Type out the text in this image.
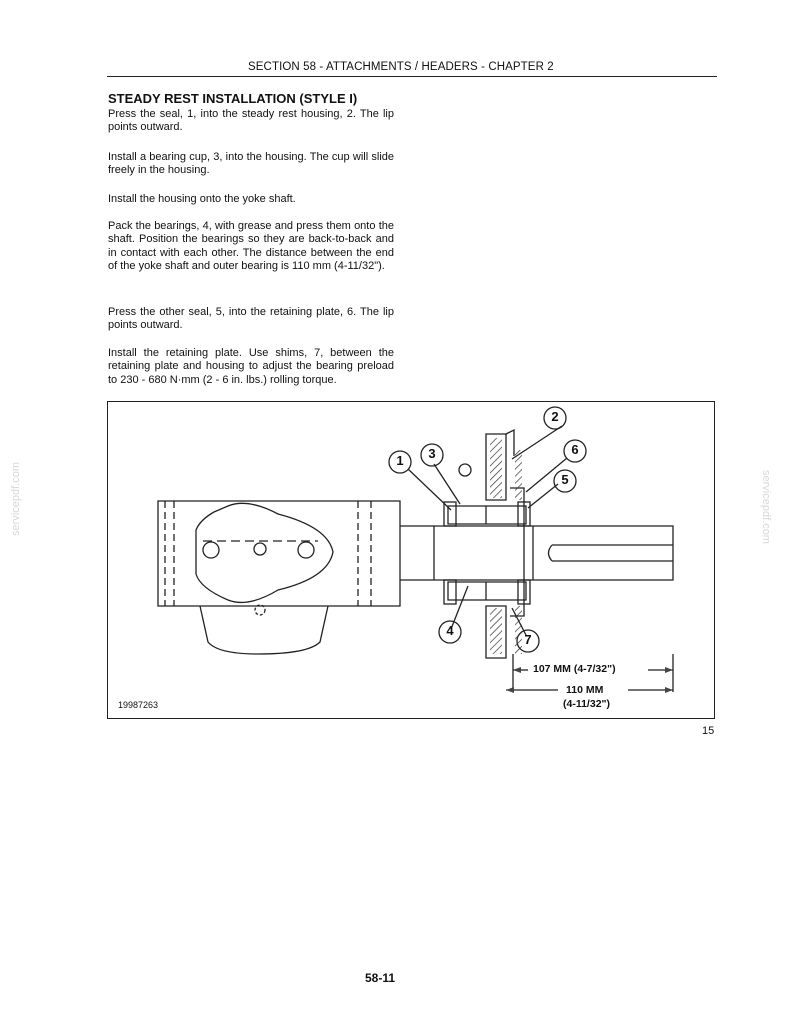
SECTION 58 - ATTACHMENTS / HEADERS - CHAPTER 2
STEADY REST INSTALLATION (STYLE I)

Press the seal, 1, into the steady rest housing, 2. The lip points outward.

Install a bearing cup, 3, into the housing. The cup will slide freely in the housing.

Install the housing onto the yoke shaft.

Pack the bearings, 4, with grease and press them onto the shaft. Position the bearings so they are back-to-back and in contact with each other. The distance between the end of the yoke shaft and outer bearing is 110 mm (4-11/32").

Press the other seal, 5, into the retaining plate, 6. The lip points outward.

Install the retaining plate. Use shims, 7, between the retaining plate and housing to adjust the bearing preload to 230 - 680 N·mm (2 - 6 in. lbs.) rolling torque.

1
2
3
4
5
6
7
107 MM (4-7/32")
110 MM
(4-11/32")
19987263
15
servicepdf.com	servicepdf.com
58-11
